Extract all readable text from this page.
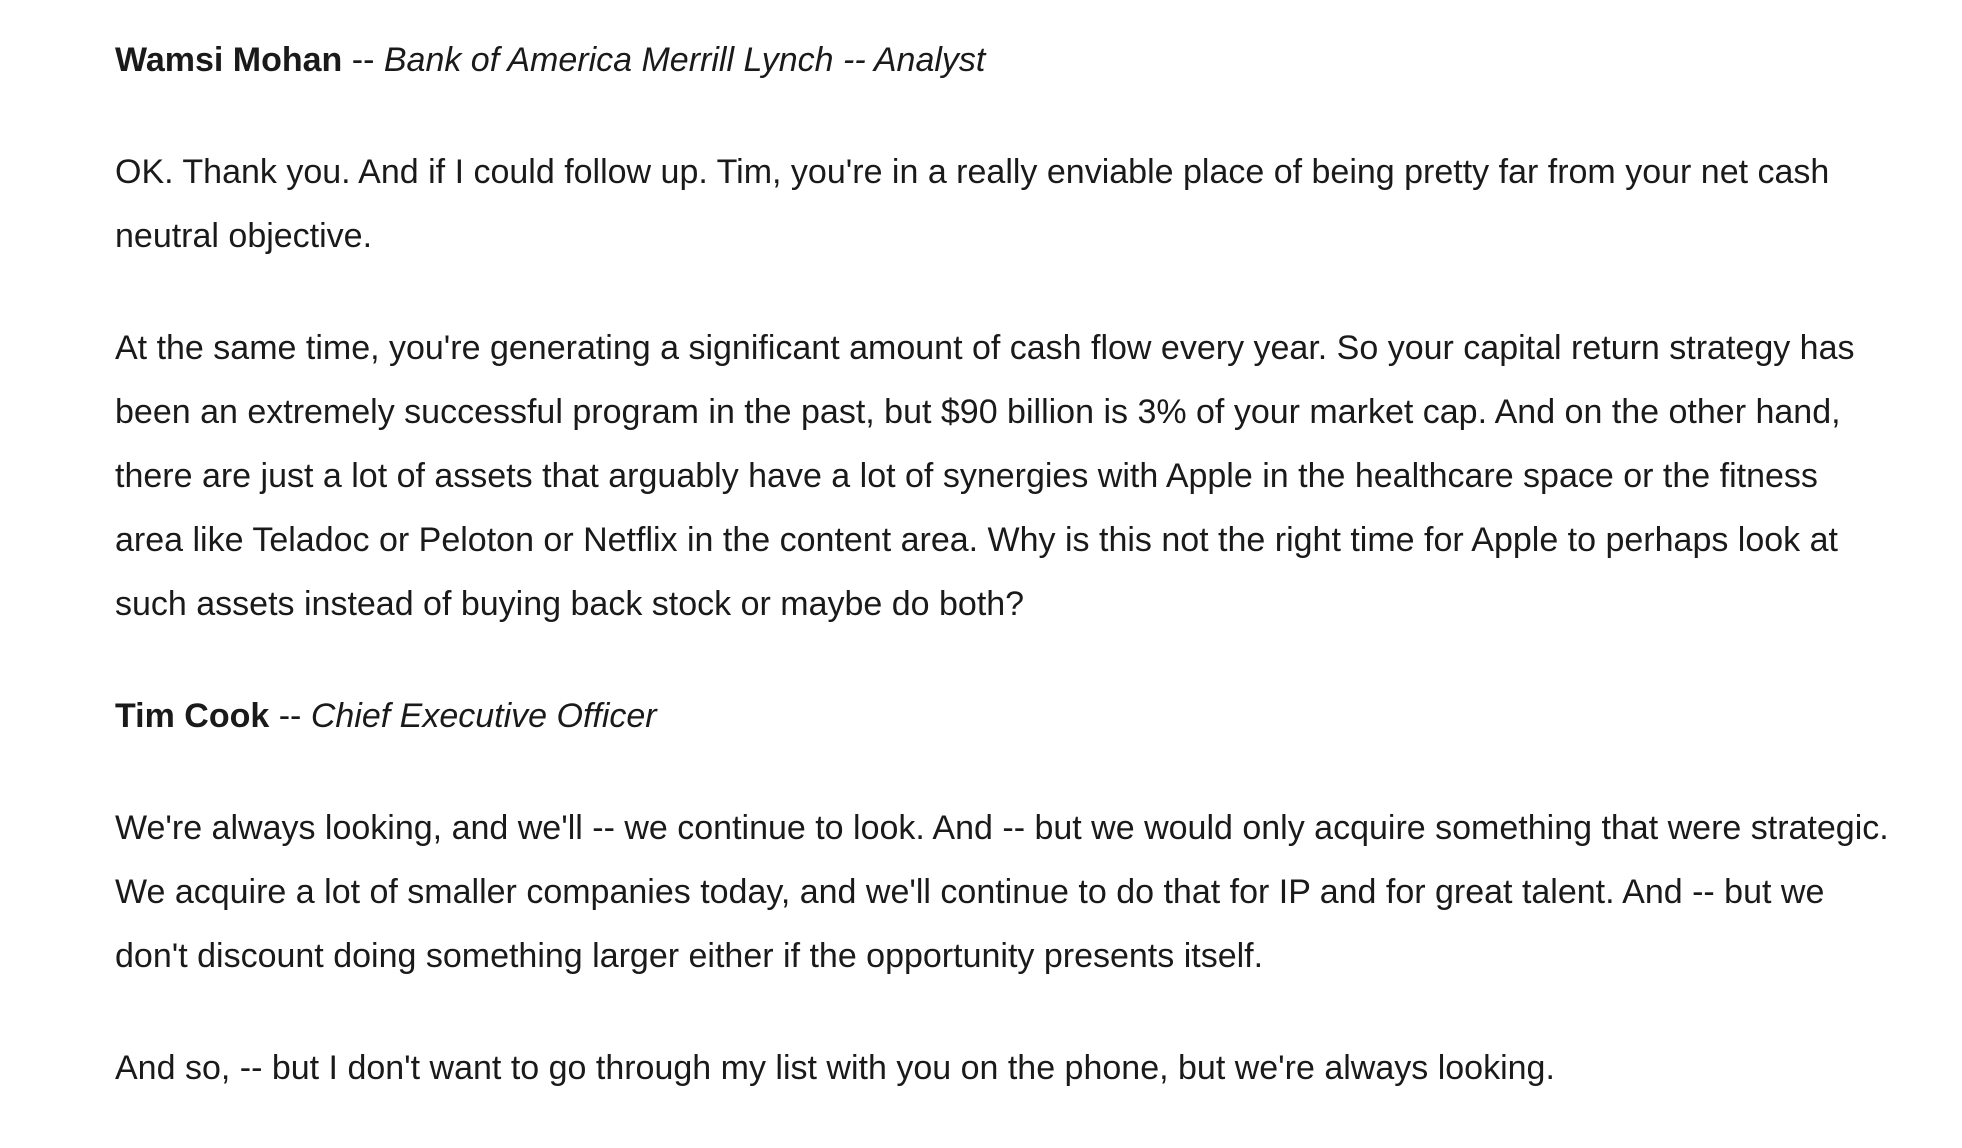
Wamsi Mohan -- Bank of America Merrill Lynch -- Analyst

OK. Thank you. And if I could follow up. Tim, you're in a really enviable place of being pretty far from your net cash neutral objective.

At the same time, you're generating a significant amount of cash flow every year. So your capital return strategy has been an extremely successful program in the past, but $90 billion is 3% of your market cap. And on the other hand, there are just a lot of assets that arguably have a lot of synergies with Apple in the healthcare space or the fitness area like Teladoc or Peloton or Netflix in the content area. Why is this not the right time for Apple to perhaps look at such assets instead of buying back stock or maybe do both?

Tim Cook -- Chief Executive Officer

We're always looking, and we'll -- we continue to look. And -- but we would only acquire something that were strategic. We acquire a lot of smaller companies today, and we'll continue to do that for IP and for great talent. And -- but we don't discount doing something larger either if the opportunity presents itself.

And so, -- but I don't want to go through my list with you on the phone, but we're always looking.
